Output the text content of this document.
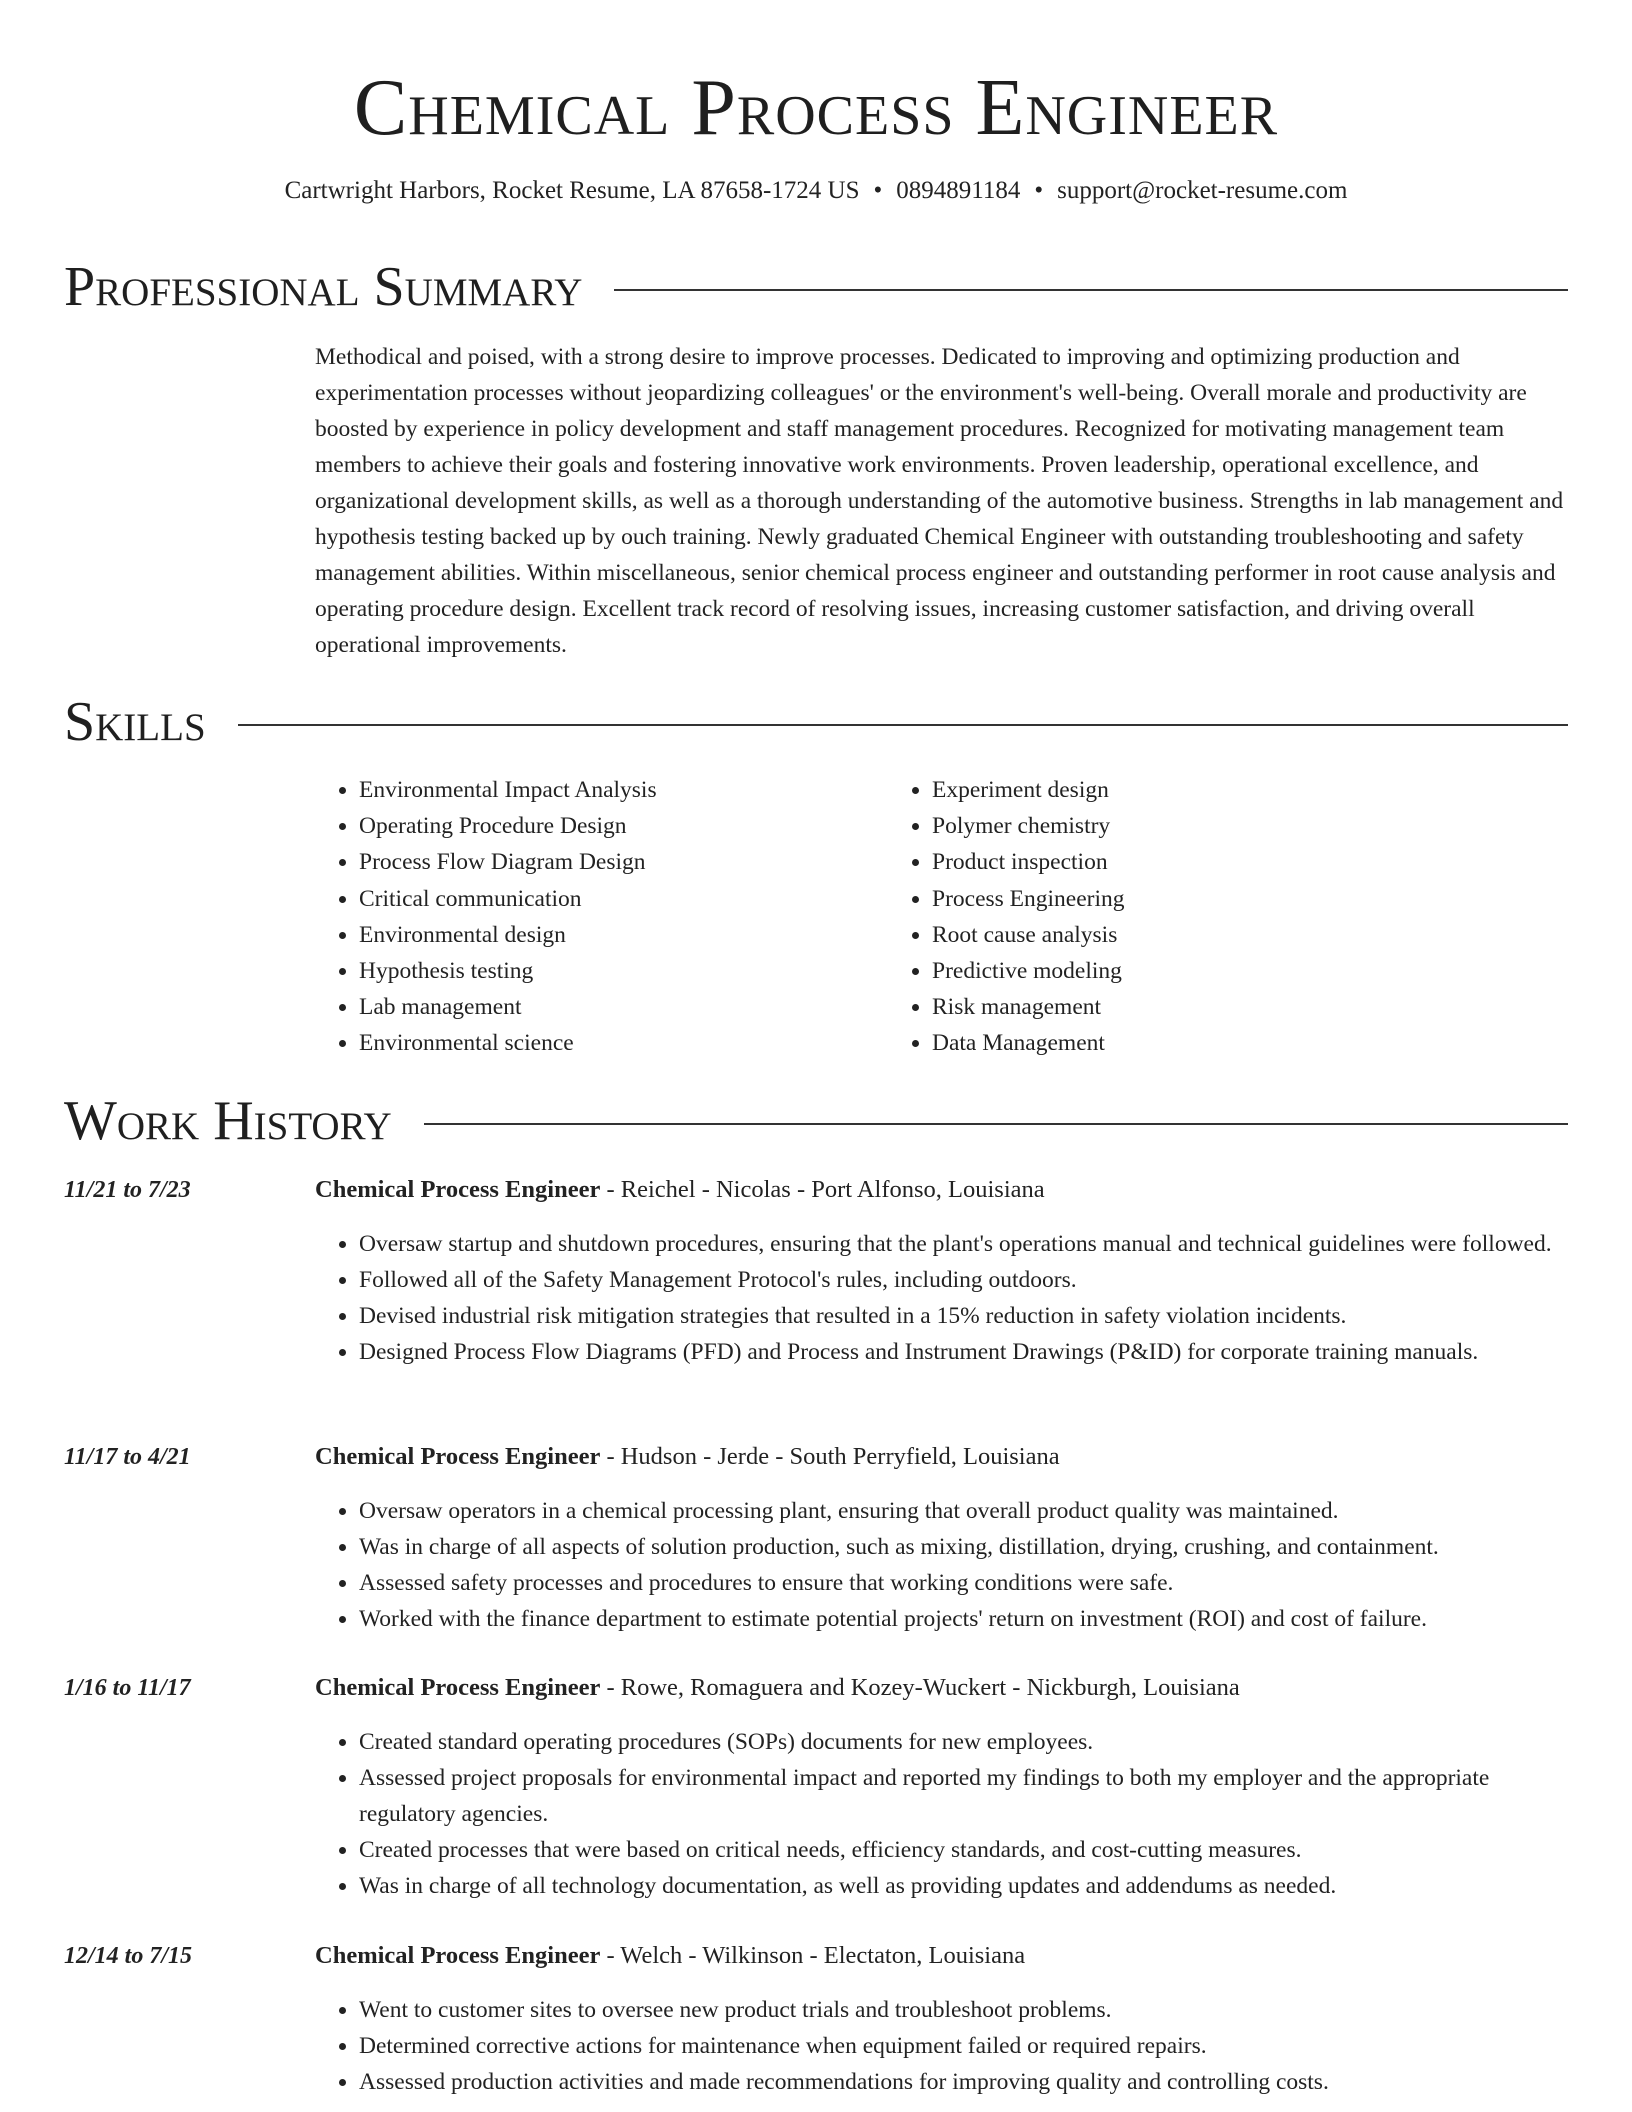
Chemical Process Engineer
Cartwright Harbors, Rocket Resume, LA 87658-1724 US • 0894891184 • support@rocket-resume.com
Professional Summary
Methodical and poised, with a strong desire to improve processes. Dedicated to improving and optimizing production and experimentation processes without jeopardizing colleagues' or the environment's well-being. Overall morale and productivity are boosted by experience in policy development and staff management procedures. Recognized for motivating management team members to achieve their goals and fostering innovative work environments. Proven leadership, operational excellence, and organizational development skills, as well as a thorough understanding of the automotive business. Strengths in lab management and hypothesis testing backed up by ouch training. Newly graduated Chemical Engineer with outstanding troubleshooting and safety management abilities. Within miscellaneous, senior chemical process engineer and outstanding performer in root cause analysis and operating procedure design. Excellent track record of resolving issues, increasing customer satisfaction, and driving overall operational improvements.
Skills
• Environmental Impact Analysis
• Operating Procedure Design
• Process Flow Diagram Design
• Critical communication
• Environmental design
• Hypothesis testing
• Lab management
• Environmental science
• Experiment design
• Polymer chemistry
• Product inspection
• Process Engineering
• Root cause analysis
• Predictive modeling
• Risk management
• Data Management
Work History
11/21 to 7/23	Chemical Process Engineer - Reichel - Nicolas - Port Alfonso, Louisiana
• Oversaw startup and shutdown procedures, ensuring that the plant's operations manual and technical guidelines were followed.
• Followed all of the Safety Management Protocol's rules, including outdoors.
• Devised industrial risk mitigation strategies that resulted in a 15% reduction in safety violation incidents.
• Designed Process Flow Diagrams (PFD) and Process and Instrument Drawings (P&ID) for corporate training manuals.
11/17 to 4/21	Chemical Process Engineer - Hudson - Jerde - South Perryfield, Louisiana
• Oversaw operators in a chemical processing plant, ensuring that overall product quality was maintained.
• Was in charge of all aspects of solution production, such as mixing, distillation, drying, crushing, and containment.
• Assessed safety processes and procedures to ensure that working conditions were safe.
• Worked with the finance department to estimate potential projects' return on investment (ROI) and cost of failure.
1/16 to 11/17	Chemical Process Engineer - Rowe, Romaguera and Kozey-Wuckert - Nickburgh, Louisiana
• Created standard operating procedures (SOPs) documents for new employees.
• Assessed project proposals for environmental impact and reported my findings to both my employer and the appropriate regulatory agencies.
• Created processes that were based on critical needs, efficiency standards, and cost-cutting measures.
• Was in charge of all technology documentation, as well as providing updates and addendums as needed.
12/14 to 7/15	Chemical Process Engineer - Welch - Wilkinson - Electaton, Louisiana
• Went to customer sites to oversee new product trials and troubleshoot problems.
• Determined corrective actions for maintenance when equipment failed or required repairs.
• Assessed production activities and made recommendations for improving quality and controlling costs.
